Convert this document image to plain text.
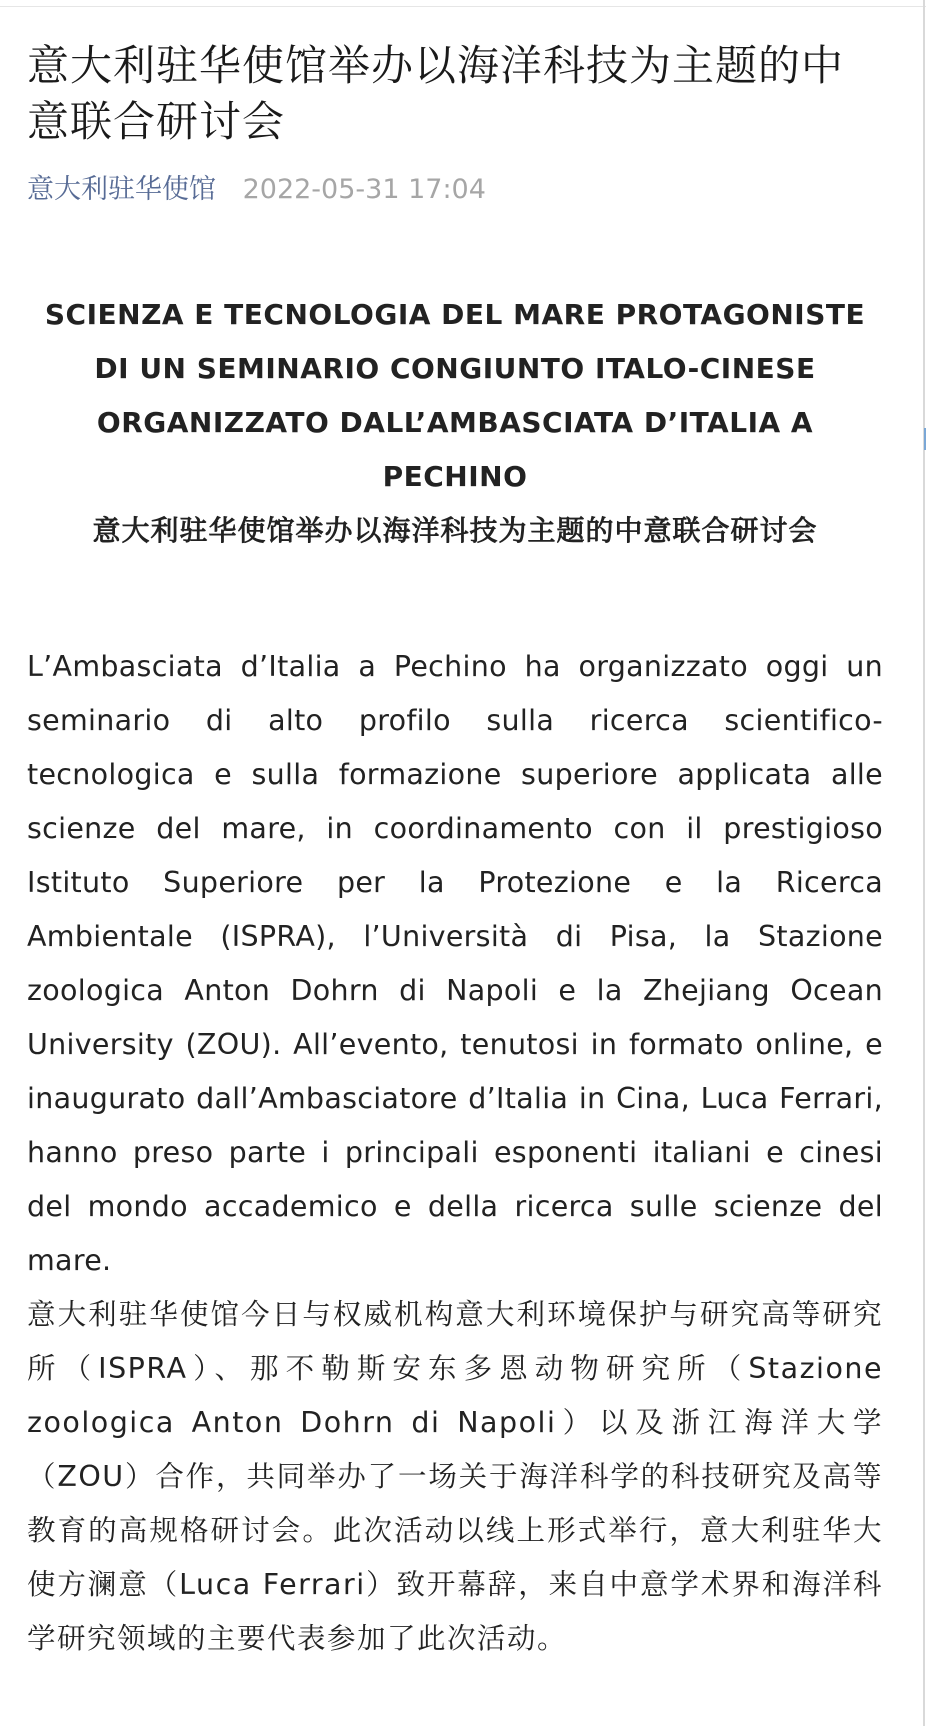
意大利驻华使馆举办以海洋科技为主题的中意联合研讨会
意大利驻华使馆 2022-05-31 17:04
SCIENZA E TECNOLOGIA DEL MARE PROTAGONISTE DI UN SEMINARIO CONGIUNTO ITALO-CINESE ORGANIZZATO DALL’AMBASCIATA D’ITALIA A PECHINO
意大利驻华使馆举办以海洋科技为主题的中意联合研讨会

L’Ambasciata d’Italia a Pechino ha organizzato oggi un seminario di alto profilo sulla ricerca scientifico-tecnologica e sulla formazione superiore applicata alle scienze del mare, in coordinamento con il prestigioso Istituto Superiore per la Protezione e la Ricerca Ambientale (ISPRA), l’Università di Pisa, la Stazione zoologica Anton Dohrn di Napoli e la Zhejiang Ocean University (ZOU). All’evento, tenutosi in formato online, e inaugurato dall’Ambasciatore d’Italia in Cina, Luca Ferrari, hanno preso parte i principali esponenti italiani e cinesi del mondo accademico e della ricerca sulle scienze del mare.

意大利驻华使馆今日与权威机构意大利环境保护与研究高等研究所（ISPRA）、那不勒斯安东多恩动物研究所（Stazione zoologica Anton Dohrn di Napoli）以及浙江海洋大学（ZOU）合作，共同举办了一场关于海洋科学的科技研究及高等教育的高规格研讨会。此次活动以线上形式举行，意大利驻华大使方澜意（Luca Ferrari）致开幕辞，来自中意学术界和海洋科学研究领域的主要代表参加了此次活动。
